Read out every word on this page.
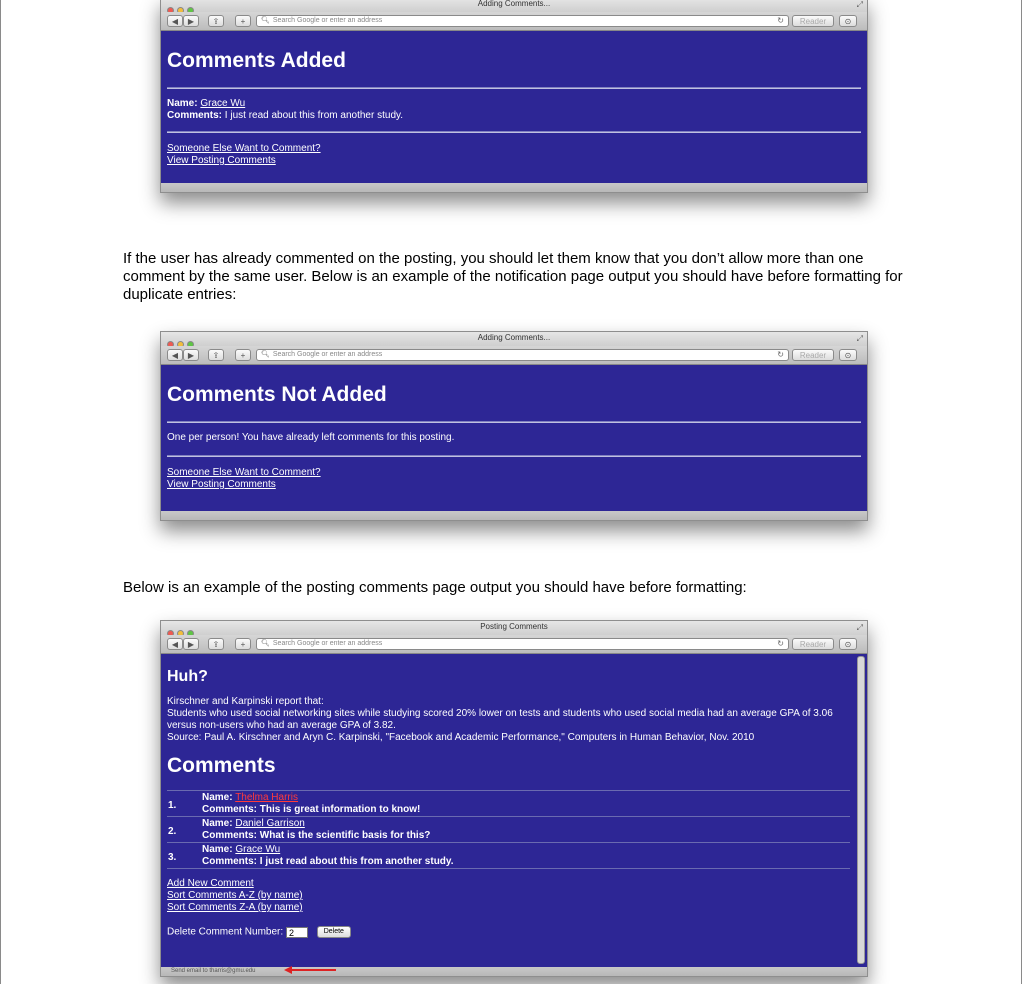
Adding Comments...	⤢
◀	▶	⇪	+	🔍︎ Search Google or enter an address	↻	Reader	⊙
Comments Added
Name: Grace Wu
Comments: I just read about this from another study.
Someone Else Want to Comment?
View Posting Comments
If the user has already commented on the posting, you should let them know that you don’t allow more than one comment by the same user. Below is an example of the notification page output you should have before formatting for duplicate entries:
Adding Comments...	⤢
◀	▶	⇪	+	🔍︎ Search Google or enter an address	↻	Reader	⊙
Comments Not Added
One per person! You have already left comments for this posting.
Someone Else Want to Comment?
View Posting Comments
Below is an example of the posting comments page output you should have before formatting:
Posting Comments	⤢
◀	▶	⇪	+	🔍︎ Search Google or enter an address	↻	Reader	⊙
Huh?
Kirschner and Karpinski report that:
Students who used social networking sites while studying scored 20% lower on tests and students who used social media had an average GPA of 3.06 versus non-users who had an average GPA of 3.82.
Source: Paul A. Kirschner and Aryn C. Karpinski, "Facebook and Academic Performance," Computers in Human Behavior, Nov. 2010
Comments
1.
Name: Thelma Harris
Comments: This is great information to know!
2.
Name: Daniel Garrison
Comments: What is the scientific basis for this?
3.
Name: Grace Wu
Comments: I just read about this from another study.
Add New Comment
Sort Comments A-Z (by name)
Sort Comments Z-A (by name)
Delete Comment Number: 2	Delete
Send email to tharris@gmu.edu
